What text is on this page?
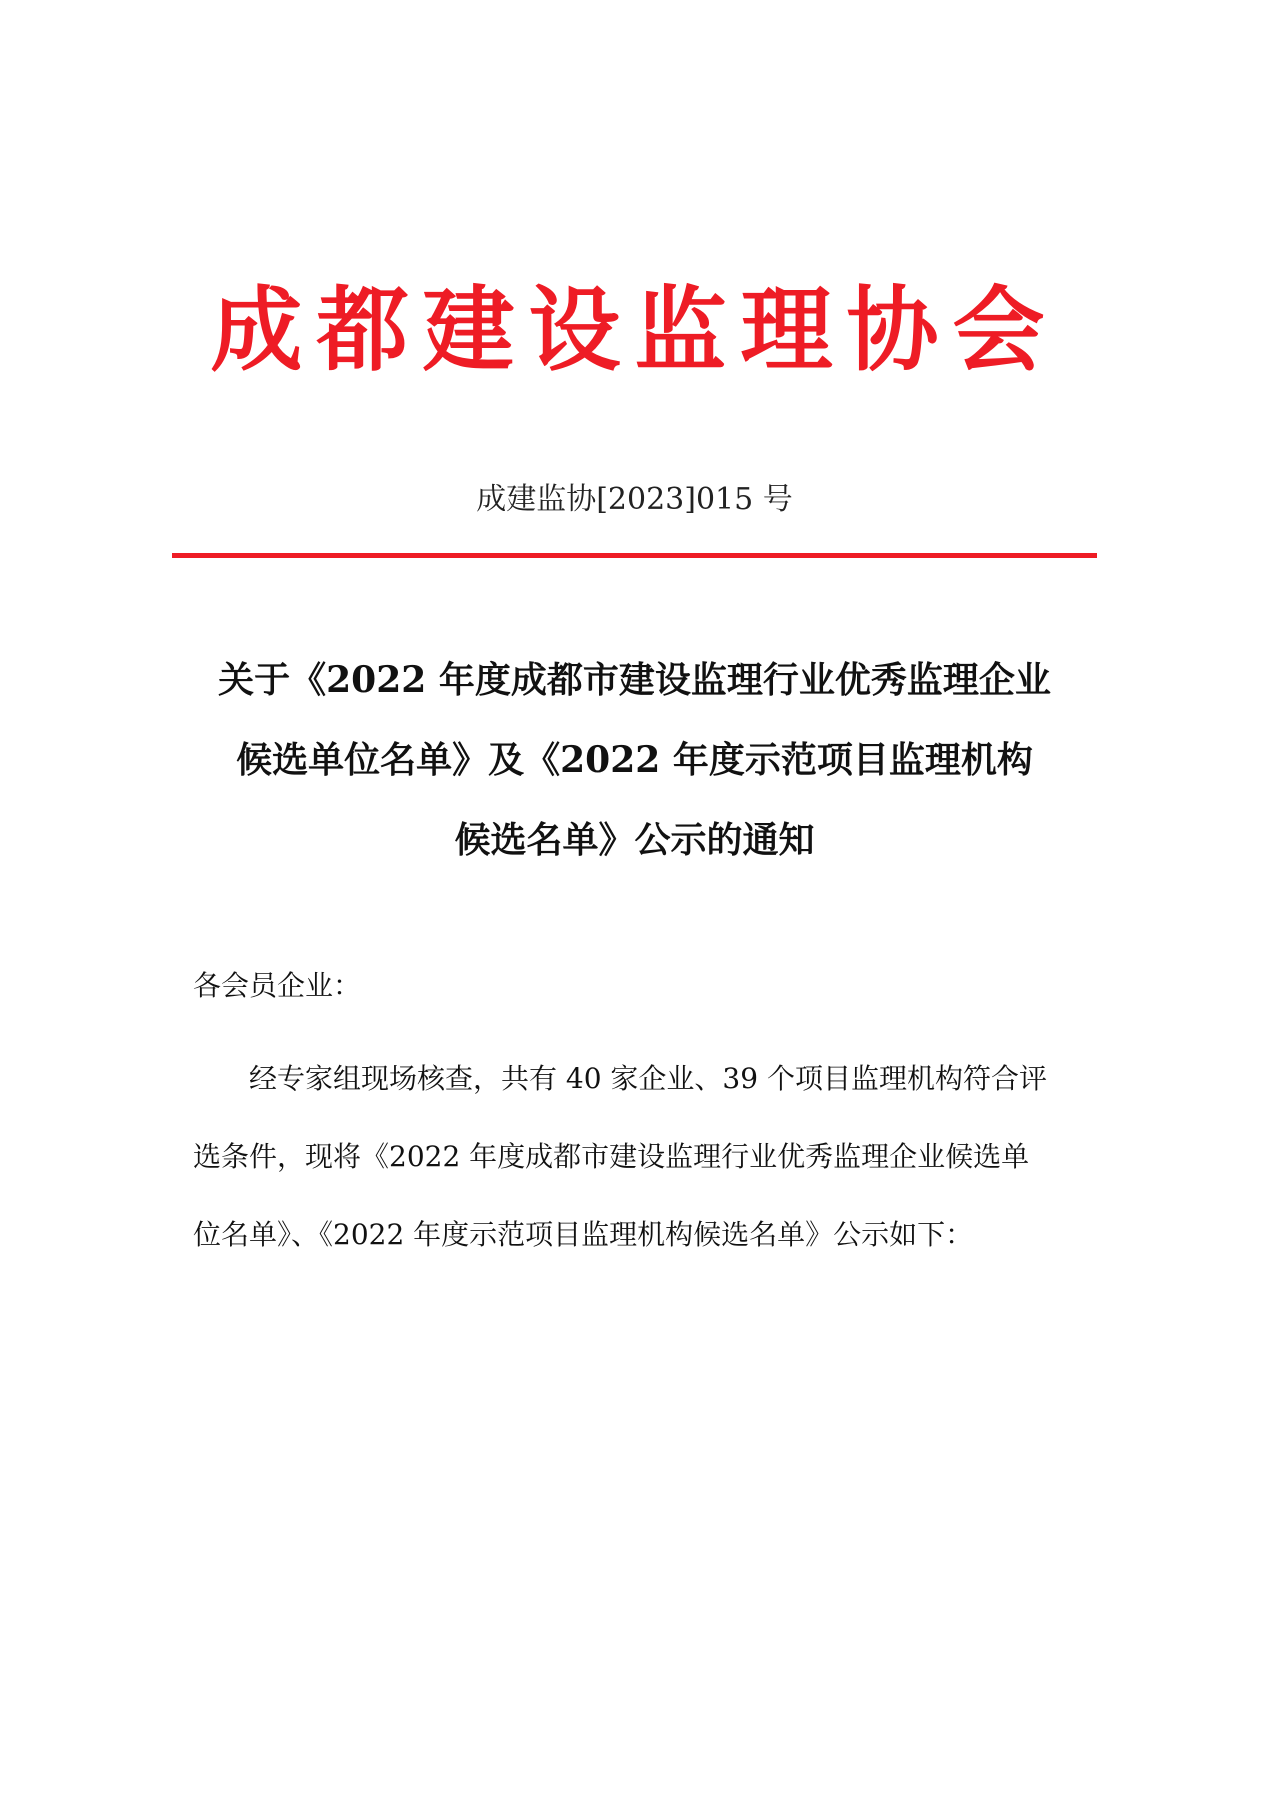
成都建设监理协会
成建监协[2023]015 号
关于《2022 年度成都市建设监理行业优秀监理企业
候选单位名单》及《2022 年度示范项目监理机构
候选名单》公示的通知
各会员企业：
经专家组现场核查，共有 40 家企业、39 个项目监理机构符合评
选条件，现将《2022 年度成都市建设监理行业优秀监理企业候选单
位名单》、《2022 年度示范项目监理机构候选名单》公示如下：
